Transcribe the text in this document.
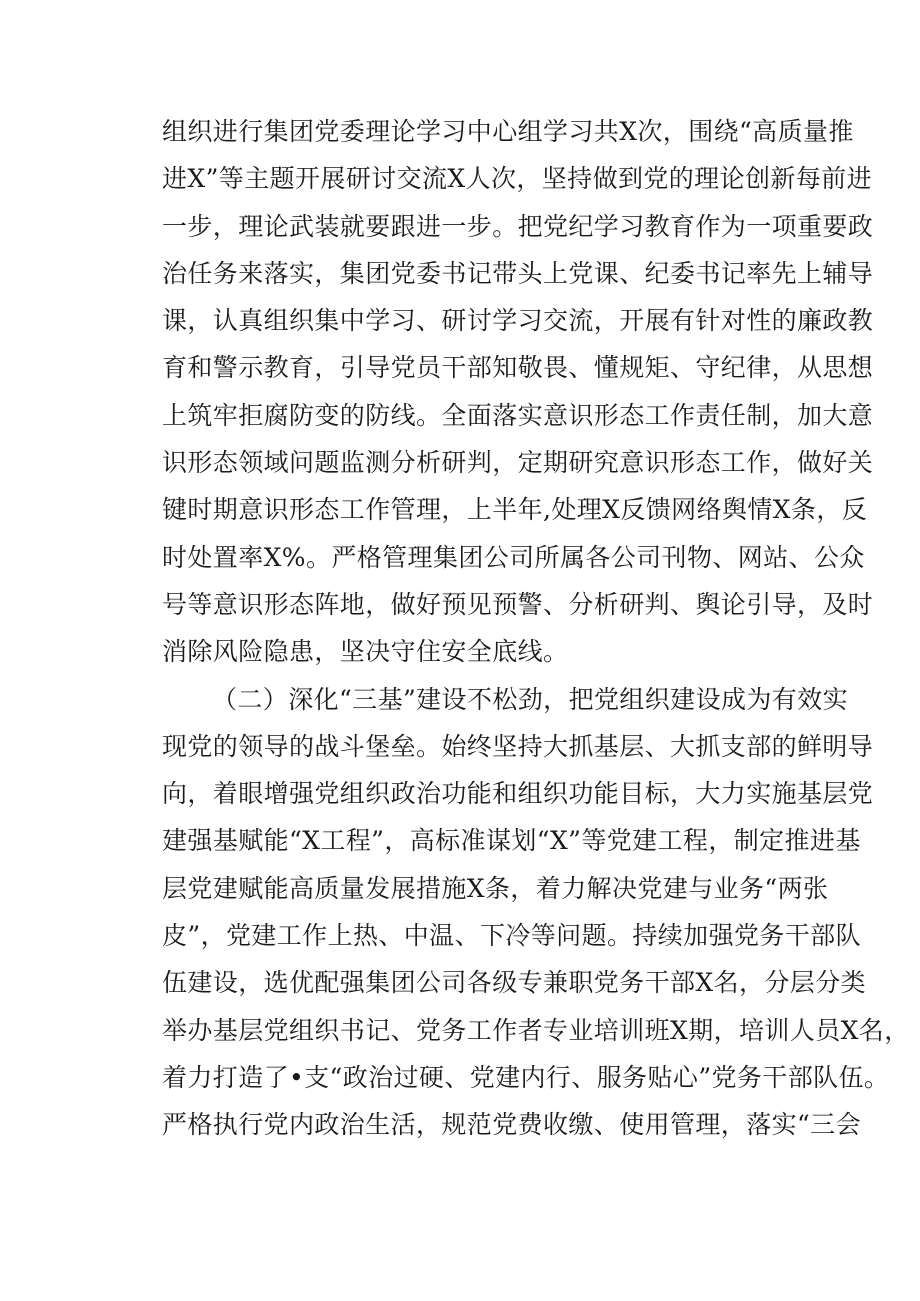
组织进行集团党委理论学习中心组学习共X次，围绕“高质量推
进X”等主题开展研讨交流X人次，坚持做到党的理论创新每前进
一步，理论武装就要跟进一步。把党纪学习教育作为一项重要政
治任务来落实，集团党委书记带头上党课、纪委书记率先上辅导
课，认真组织集中学习、研讨学习交流，开展有针对性的廉政教
育和警示教育，引导党员干部知敬畏、懂规矩、守纪律，从思想
上筑牢拒腐防变的防线。全面落实意识形态工作责任制，加大意
识形态领域问题监测分析研判，定期研究意识形态工作，做好关
键时期意识形态工作管理，上半年,处理X反馈网络舆情X条，反
时处置率X%。严格管理集团公司所属各公司刊物、网站、公众
号等意识形态阵地，做好预见预警、分析研判、舆论引导，及时
消除风险隐患，坚决守住安全底线。
（二）深化“三基”建设不松劲，把党组织建设成为有效实
现党的领导的战斗堡垒。始终坚持大抓基层、大抓支部的鲜明导
向，着眼增强党组织政治功能和组织功能目标，大力实施基层党
建强基赋能“X工程”，高标准谋划“X”等党建工程，制定推进基
层党建赋能高质量发展措施X条，着力解决党建与业务“两张
皮”，党建工作上热、中温、下冷等问题。持续加强党务干部队
伍建设，选优配强集团公司各级专兼职党务干部X名，分层分类
举办基层党组织书记、党务工作者专业培训班X期，培训人员X名，
着力打造了•支“政治过硬、党建内行、服务贴心”党务干部队伍。
严格执行党内政治生活，规范党费收缴、使用管理，落实“三会
